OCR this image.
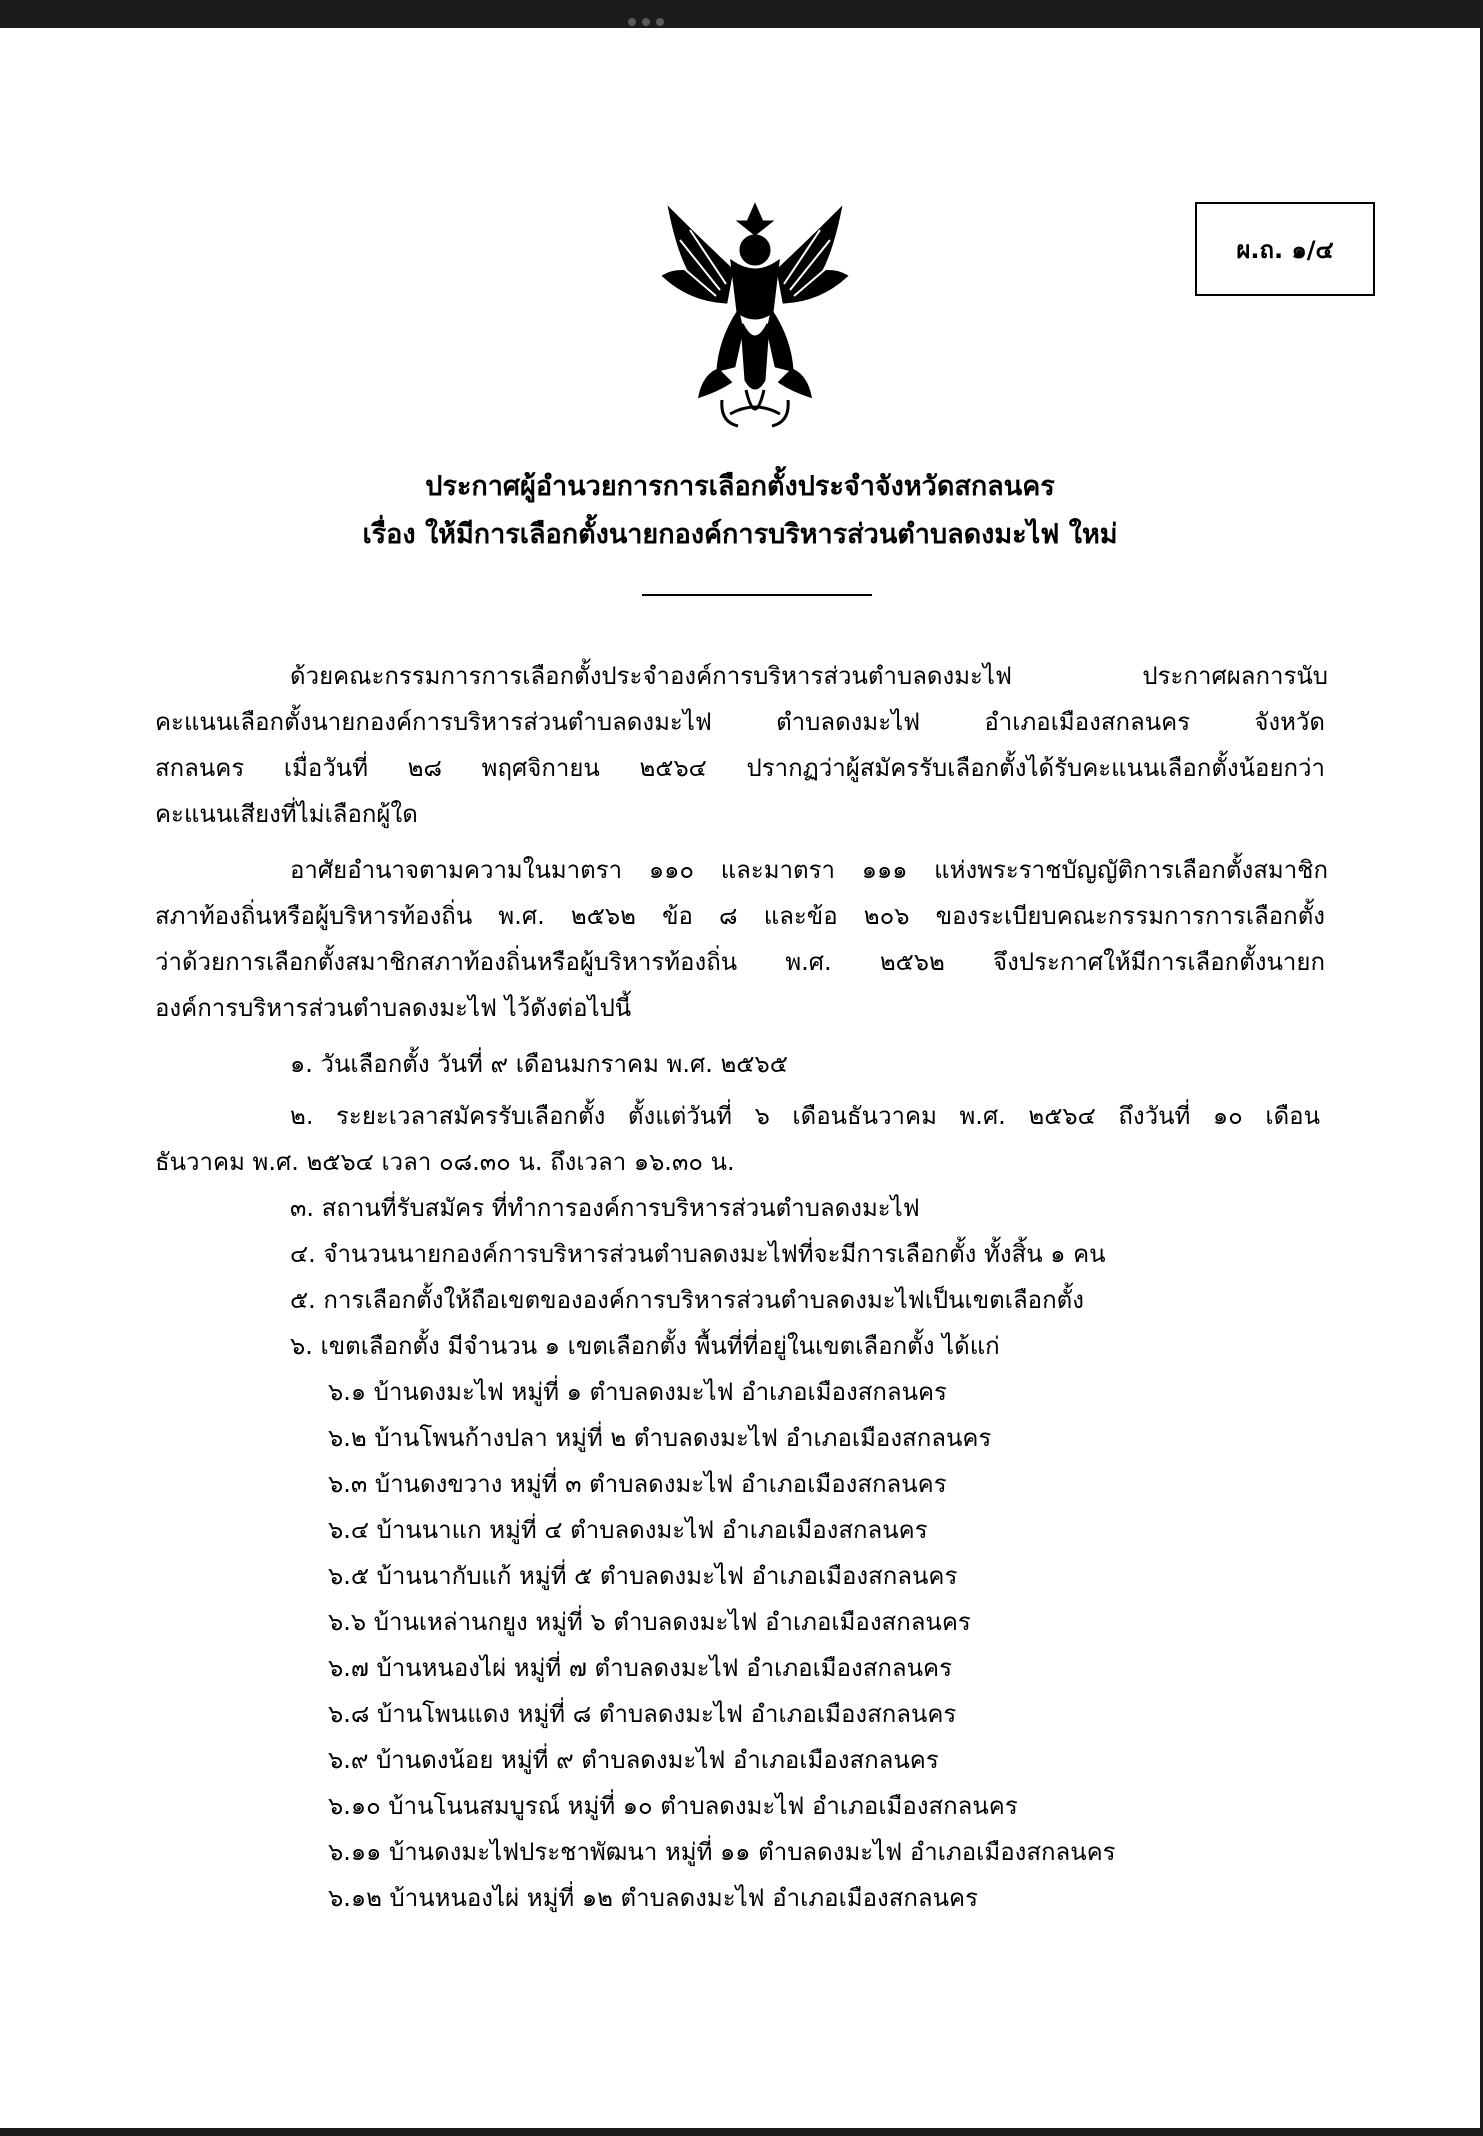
ผ.ถ. ๑/๔
ประกาศผู้อำนวยการการเลือกตั้งประจำจังหวัดสกลนคร
เรื่อง ให้มีการเลือกตั้งนายกองค์การบริหารส่วนตำบลดงมะไฟ ใหม่
ด้วยคณะกรรมการการเลือกตั้งประจำองค์การบริหารส่วนตำบลดงมะไฟ ประกาศผลการนับ
คะแนนเลือกตั้งนายกองค์การบริหารส่วนตำบลดงมะไฟ ตำบลดงมะไฟ อำเภอเมืองสกลนคร จังหวัด
สกลนคร เมื่อวันที่ ๒๘ พฤศจิกายน ๒๕๖๔ ปรากฏว่าผู้สมัครรับเลือกตั้งได้รับคะแนนเลือกตั้งน้อยกว่า
คะแนนเสียงที่ไม่เลือกผู้ใด
อาศัยอำนาจตามความในมาตรา ๑๑๐ และมาตรา ๑๑๑ แห่งพระราชบัญญัติการเลือกตั้งสมาชิก
สภาท้องถิ่นหรือผู้บริหารท้องถิ่น พ.ศ. ๒๕๖๒ ข้อ ๘ และข้อ ๒๐๖ ของระเบียบคณะกรรมการการเลือกตั้ง
ว่าด้วยการเลือกตั้งสมาชิกสภาท้องถิ่นหรือผู้บริหารท้องถิ่น พ.ศ. ๒๕๖๒ จึงประกาศให้มีการเลือกตั้งนายก
องค์การบริหารส่วนตำบลดงมะไฟ ไว้ดังต่อไปนี้
๑. วันเลือกตั้ง วันที่ ๙ เดือนมกราคม พ.ศ. ๒๕๖๕
๒. ระยะเวลาสมัครรับเลือกตั้ง ตั้งแต่วันที่ ๖ เดือนธันวาคม พ.ศ. ๒๕๖๔ ถึงวันที่ ๑๐ เดือน
ธันวาคม พ.ศ. ๒๕๖๔ เวลา ๐๘.๓๐ น. ถึงเวลา ๑๖.๓๐ น.
๓. สถานที่รับสมัคร ที่ทำการองค์การบริหารส่วนตำบลดงมะไฟ
๔. จำนวนนายกองค์การบริหารส่วนตำบลดงมะไฟที่จะมีการเลือกตั้ง ทั้งสิ้น ๑ คน
๕. การเลือกตั้งให้ถือเขตขององค์การบริหารส่วนตำบลดงมะไฟเป็นเขตเลือกตั้ง
๖. เขตเลือกตั้ง มีจำนวน ๑ เขตเลือกตั้ง พื้นที่ที่อยู่ในเขตเลือกตั้ง ได้แก่
๖.๑ บ้านดงมะไฟ หมู่ที่ ๑ ตำบลดงมะไฟ อำเภอเมืองสกลนคร
๖.๒ บ้านโพนก้างปลา หมู่ที่ ๒ ตำบลดงมะไฟ อำเภอเมืองสกลนคร
๖.๓ บ้านดงขวาง หมู่ที่ ๓ ตำบลดงมะไฟ อำเภอเมืองสกลนคร
๖.๔ บ้านนาแก หมู่ที่ ๔ ตำบลดงมะไฟ อำเภอเมืองสกลนคร
๖.๕ บ้านนากับแก้ หมู่ที่ ๕ ตำบลดงมะไฟ อำเภอเมืองสกลนคร
๖.๖ บ้านเหล่านกยูง หมู่ที่ ๖ ตำบลดงมะไฟ อำเภอเมืองสกลนคร
๖.๗ บ้านหนองไผ่ หมู่ที่ ๗ ตำบลดงมะไฟ อำเภอเมืองสกลนคร
๖.๘ บ้านโพนแดง หมู่ที่ ๘ ตำบลดงมะไฟ อำเภอเมืองสกลนคร
๖.๙ บ้านดงน้อย หมู่ที่ ๙ ตำบลดงมะไฟ อำเภอเมืองสกลนคร
๖.๑๐ บ้านโนนสมบูรณ์ หมู่ที่ ๑๐ ตำบลดงมะไฟ อำเภอเมืองสกลนคร
๖.๑๑ บ้านดงมะไฟประชาพัฒนา หมู่ที่ ๑๑ ตำบลดงมะไฟ อำเภอเมืองสกลนคร
๖.๑๒ บ้านหนองไผ่ หมู่ที่ ๑๒ ตำบลดงมะไฟ อำเภอเมืองสกลนคร
